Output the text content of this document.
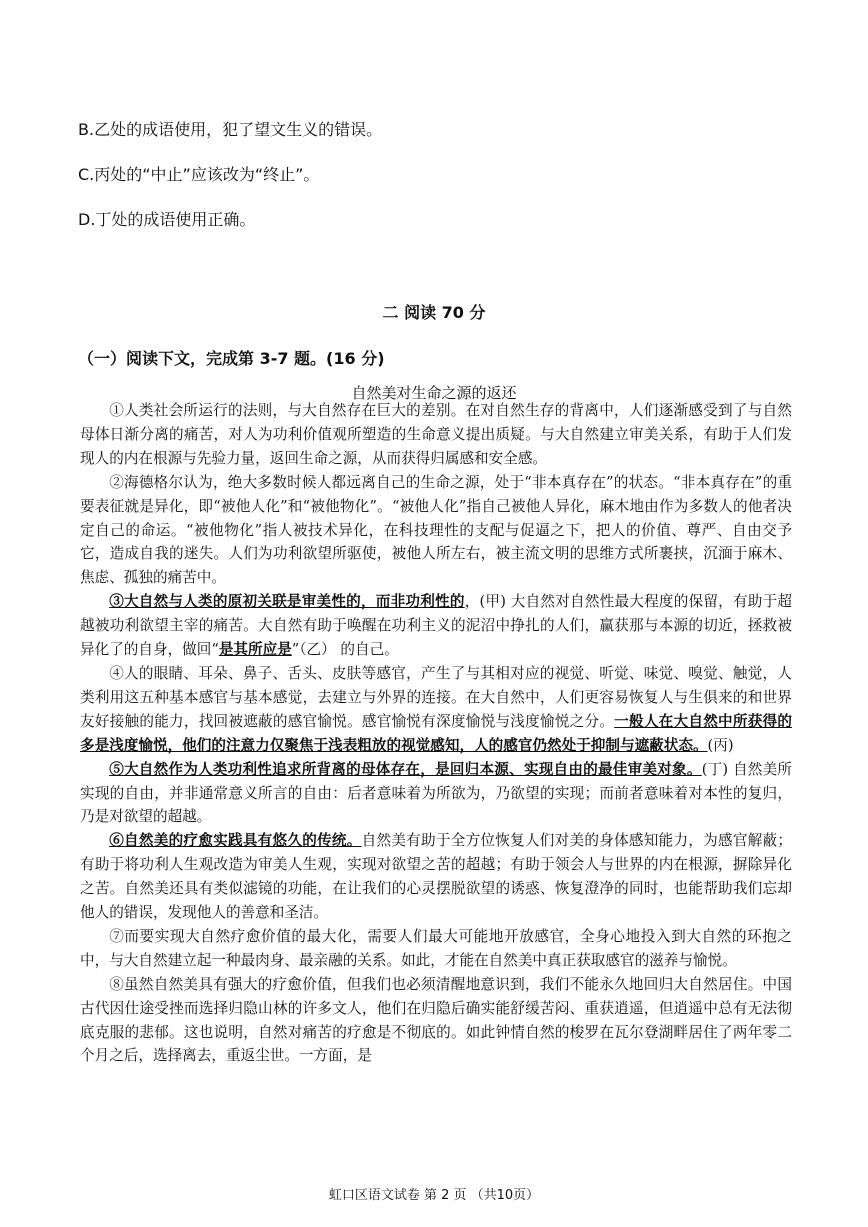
B.乙处的成语使用，犯了望文生义的错误。
C.丙处的“中止”应该改为“终止”。
D.丁处的成语使用正确。
二 阅读 70 分
（一）阅读下文，完成第 3-7 题。(16 分)
自然美对生命之源的返还

①人类社会所运行的法则，与大自然存在巨大的差别。在对自然生存的背离中，人们逐渐感受到了与自然母体日渐分离的痛苦，对人为功利价值观所塑造的生命意义提出质疑。与大自然建立审美关系，有助于人们发现人的内在根源与先验力量，返回生命之源，从而获得归属感和安全感。

②海德格尔认为，绝大多数时候人都远离自己的生命之源，处于“非本真存在”的状态。“非本真存在”的重要表征就是异化，即“被他人化”和“被他物化”。“被他人化”指自己被他人异化，麻木地由作为多数人的他者决定自己的命运。“被他物化”指人被技术异化，在科技理性的支配与促逼之下，把人的价值、尊严、自由交予它，造成自我的迷失。人们为功利欲望所驱使，被他人所左右，被主流文明的思维方式所裹挟，沉湎于麻木、焦虑、孤独的痛苦中。

③大自然与人类的原初关联是审美性的，而非功利性的，(甲) 大自然对自然性最大程度的保留，有助于超越被功利欲望主宰的痛苦。大自然有助于唤醒在功利主义的泥沼中挣扎的人们，赢获那与本源的切近，拯救被异化了的自身，做回“是其所应是”（乙） 的自己。

④人的眼睛、耳朵、鼻子、舌头、皮肤等感官，产生了与其相对应的视觉、听觉、味觉、嗅觉、触觉，人类利用这五种基本感官与基本感觉，去建立与外界的连接。在大自然中，人们更容易恢复人与生俱来的和世界友好接触的能力，找回被遮蔽的感官愉悦。感官愉悦有深度愉悦与浅度愉悦之分。一般人在大自然中所获得的多是浅度愉悦，他们的注意力仅聚焦于浅表粗放的视觉感知，人的感官仍然处于抑制与遮蔽状态。(丙)

⑤大自然作为人类功利性追求所背离的母体存在，是回归本源、实现自由的最佳审美对象。(丁) 自然美所实现的自由，并非通常意义所言的自由：后者意味着为所欲为，乃欲望的实现；而前者意味着对本性的复归，乃是对欲望的超越。

⑥自然美的疗愈实践具有悠久的传统。自然美有助于全方位恢复人们对美的身体感知能力，为感官解蔽；有助于将功利人生观改造为审美人生观，实现对欲望之苦的超越；有助于领会人与世界的内在根源，摒除异化之苦。自然美还具有类似滤镜的功能，在让我们的心灵摆脱欲望的诱惑、恢复澄净的同时，也能帮助我们忘却他人的错误，发现他人的善意和圣洁。

⑦而要实现大自然疗愈价值的最大化，需要人们最大可能地开放感官，全身心地投入到大自然的环抱之中，与大自然建立起一种最肉身、最亲融的关系。如此，才能在自然美中真正获取感官的滋养与愉悦。

⑧虽然自然美具有强大的疗愈价值，但我们也必须清醒地意识到，我们不能永久地回归大自然居住。中国古代因仕途受挫而选择归隐山林的许多文人，他们在归隐后确实能舒缓苦闷、重获逍遥，但逍遥中总有无法彻底克服的悲郁。这也说明，自然对痛苦的疗愈是不彻底的。如此钟情自然的梭罗在瓦尔登湖畔居住了两年零二个月之后，选择离去，重返尘世。一方面，是

虹口区语文试卷 第 2 页 （共10页）
